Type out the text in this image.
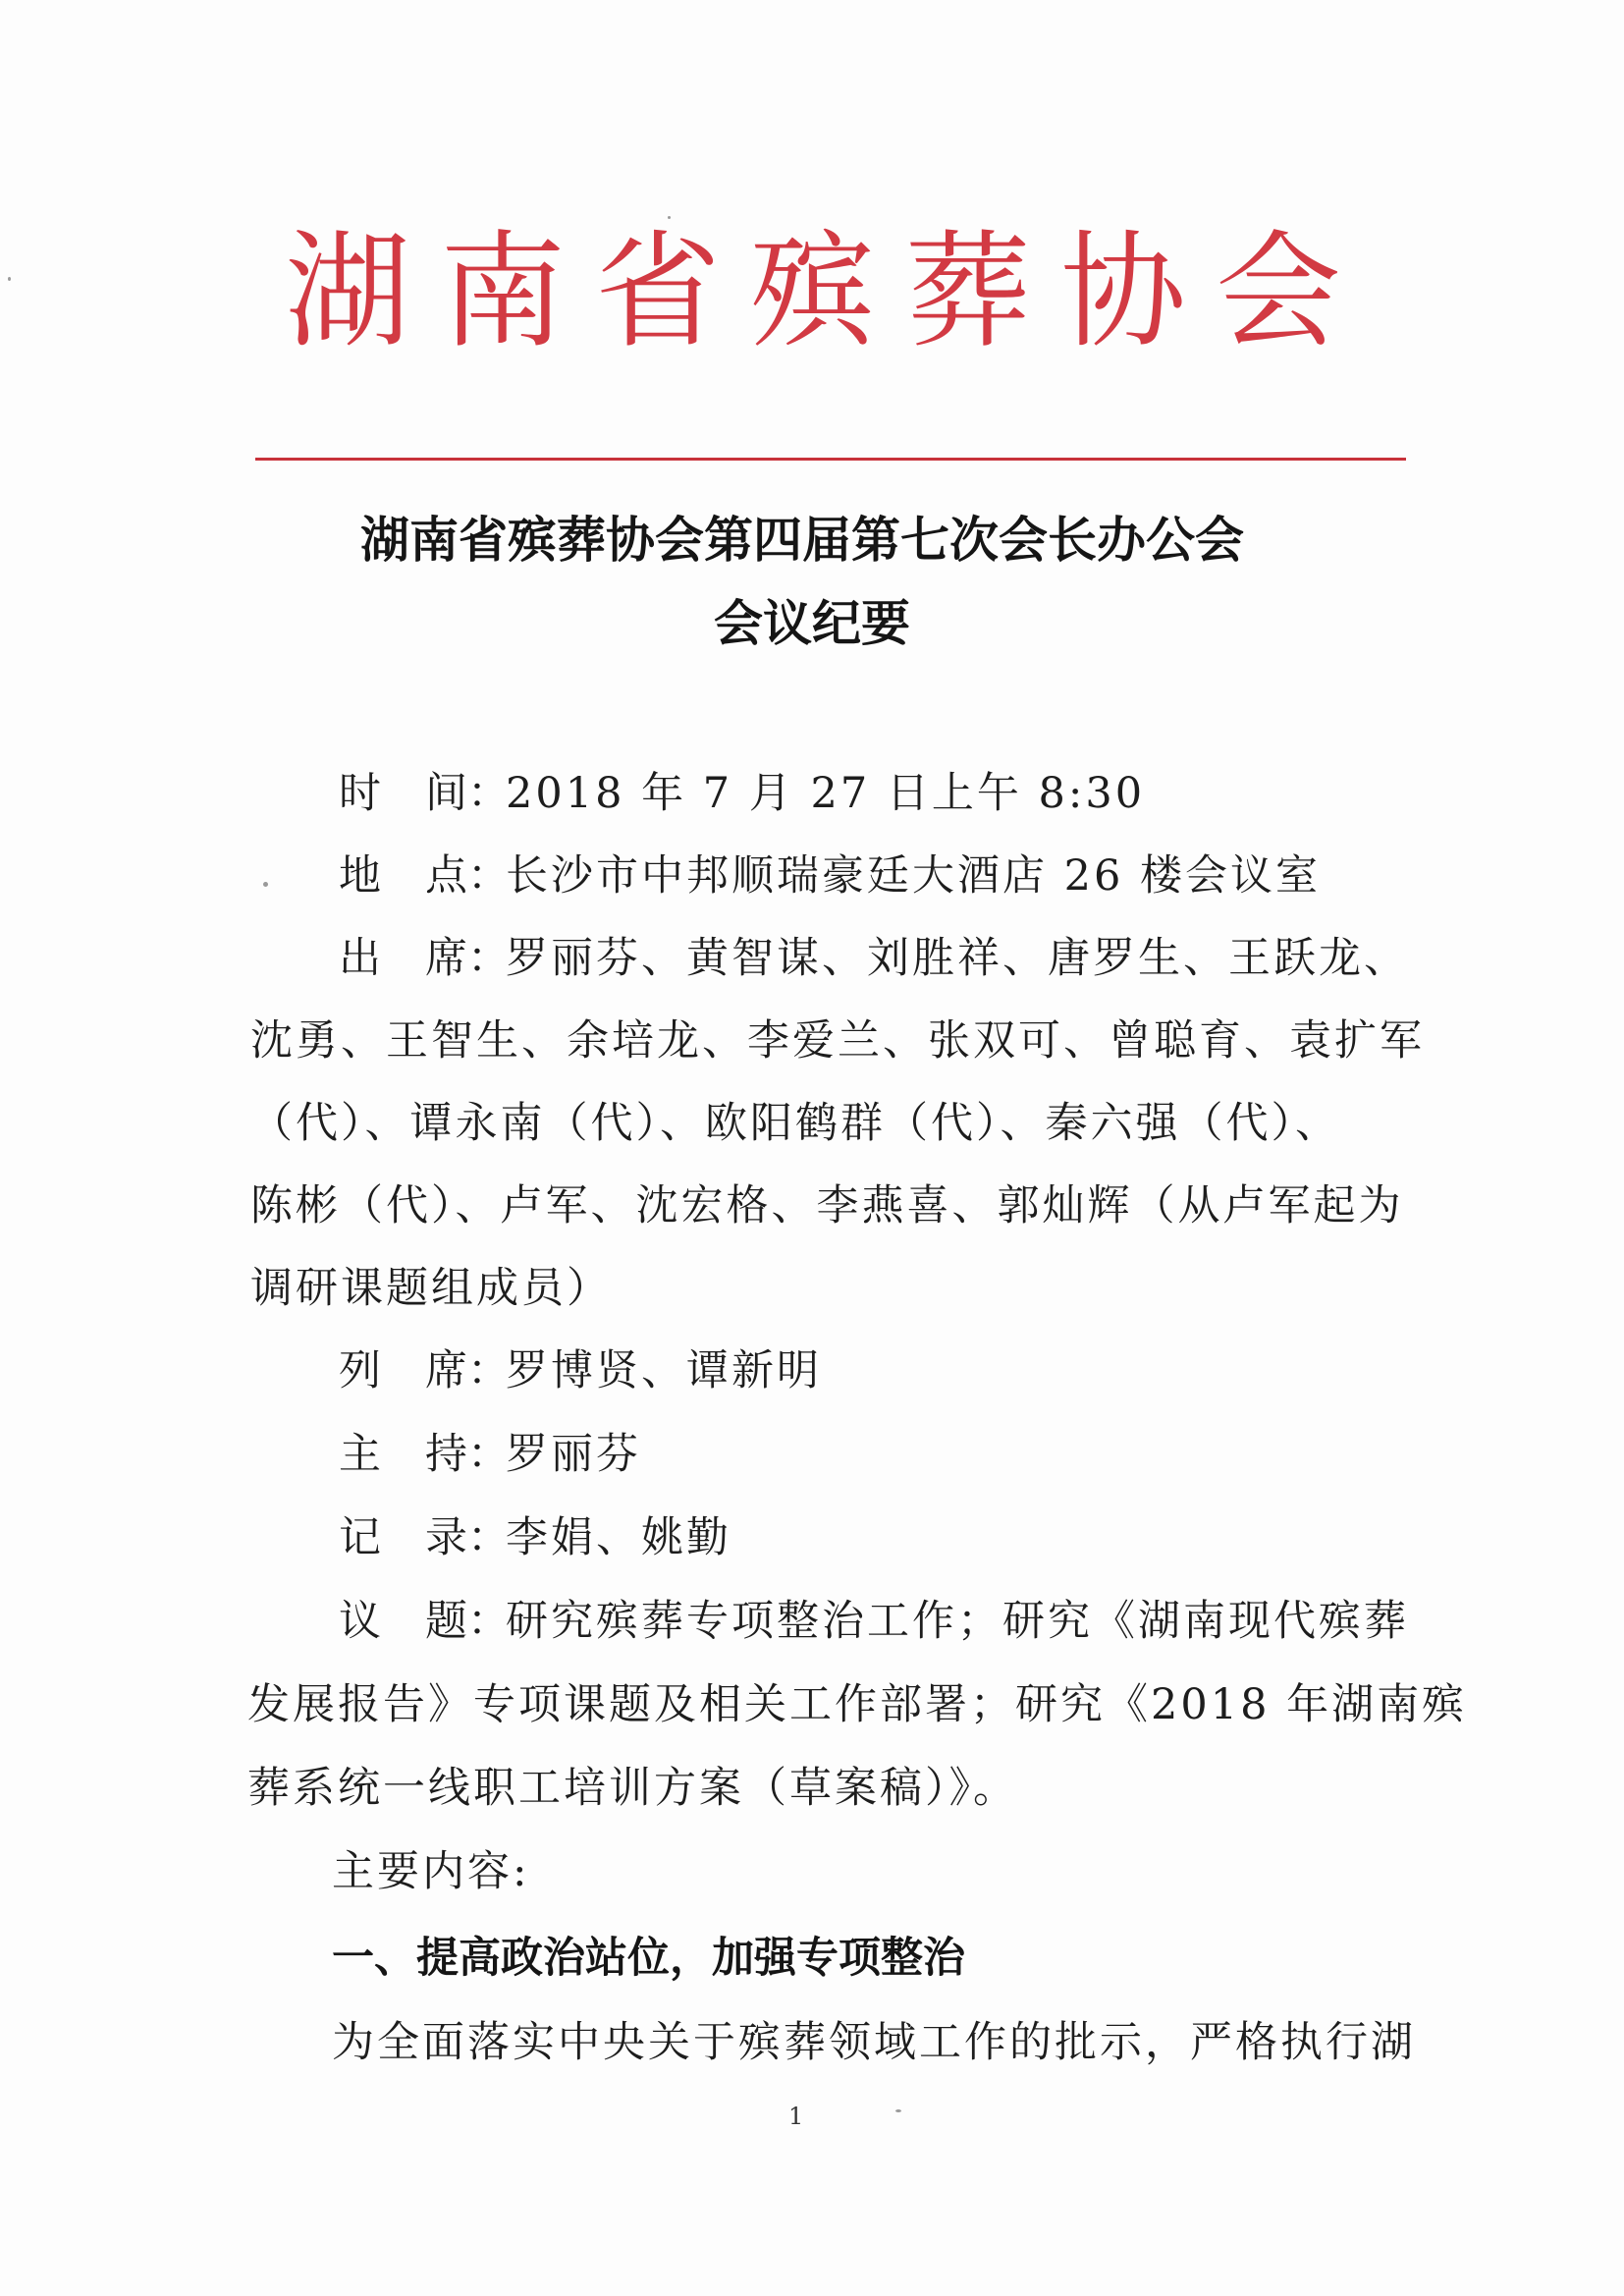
湖南省殡葬协会
湖南省殡葬协会第四届第七次会长办公会
会议纪要
时 间：2018 年 7 月 27 日上午 8:30
地 点：长沙市中邦顺瑞豪廷大酒店 26 楼会议室
出 席：罗丽芬、黄智谋、刘胜祥、唐罗生、王跃龙、
沈勇、王智生、余培龙、李爱兰、张双可、曾聪育、袁扩军
（代）、谭永南（代）、欧阳鹤群（代）、秦六强（代）、
陈彬（代）、卢军、沈宏格、李燕喜、郭灿辉（从卢军起为
调研课题组成员）
列 席：罗博贤、谭新明
主 持：罗丽芬
记 录：李娟、姚勤
议 题：研究殡葬专项整治工作；研究《湖南现代殡葬
发展报告》专项课题及相关工作部署；研究《2018 年湖南殡
葬系统一线职工培训方案（草案稿）》。
主要内容:
一、提高政治站位，加强专项整治
为全面落实中央关于殡葬领域工作的批示，严格执行湖
1
